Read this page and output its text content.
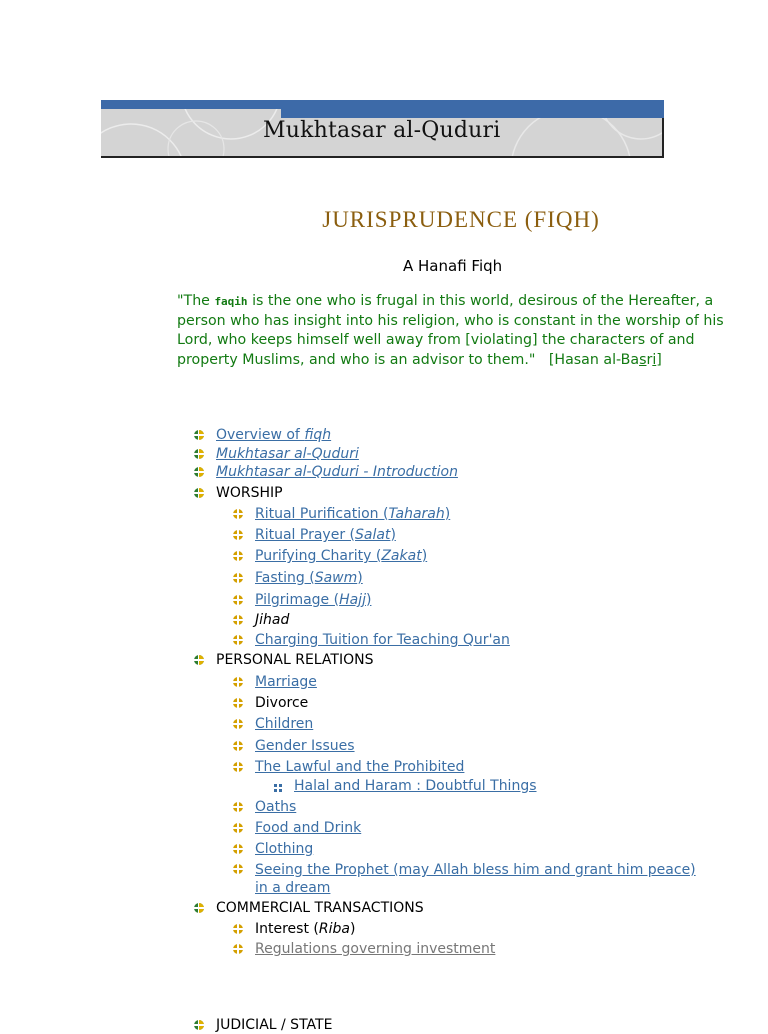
Mukhtasar al-Quduri
JURISPRUDENCE (FIQH)
A Hanafi Fiqh
"The faqih is the one who is frugal in this world, desirous of the Hereafter, a person who has insight into his religion, who is constant in the worship of his Lord, who keeps himself well away from [violating] the characters of and property Muslims, and who is an advisor to them." [Hasan al-Basri]
Overview of fiqh
Mukhtasar al-Quduri
Mukhtasar al-Quduri - Introduction
WORSHIP
Ritual Purification (Taharah)
Ritual Prayer (Salat)
Purifying Charity (Zakat)
Fasting (Sawm)
Pilgrimage (Hajj)
Jihad
Charging Tuition for Teaching Qur'an
PERSONAL RELATIONS
Marriage
Divorce
Children
Gender Issues
The Lawful and the Prohibited
Halal and Haram : Doubtful Things
Oaths
Food and Drink
Clothing
Seeing the Prophet (may Allah bless him and grant him peace)
in a dream
COMMERCIAL TRANSACTIONS
Interest (Riba)
Regulations governing investment
JUDICIAL / STATE
